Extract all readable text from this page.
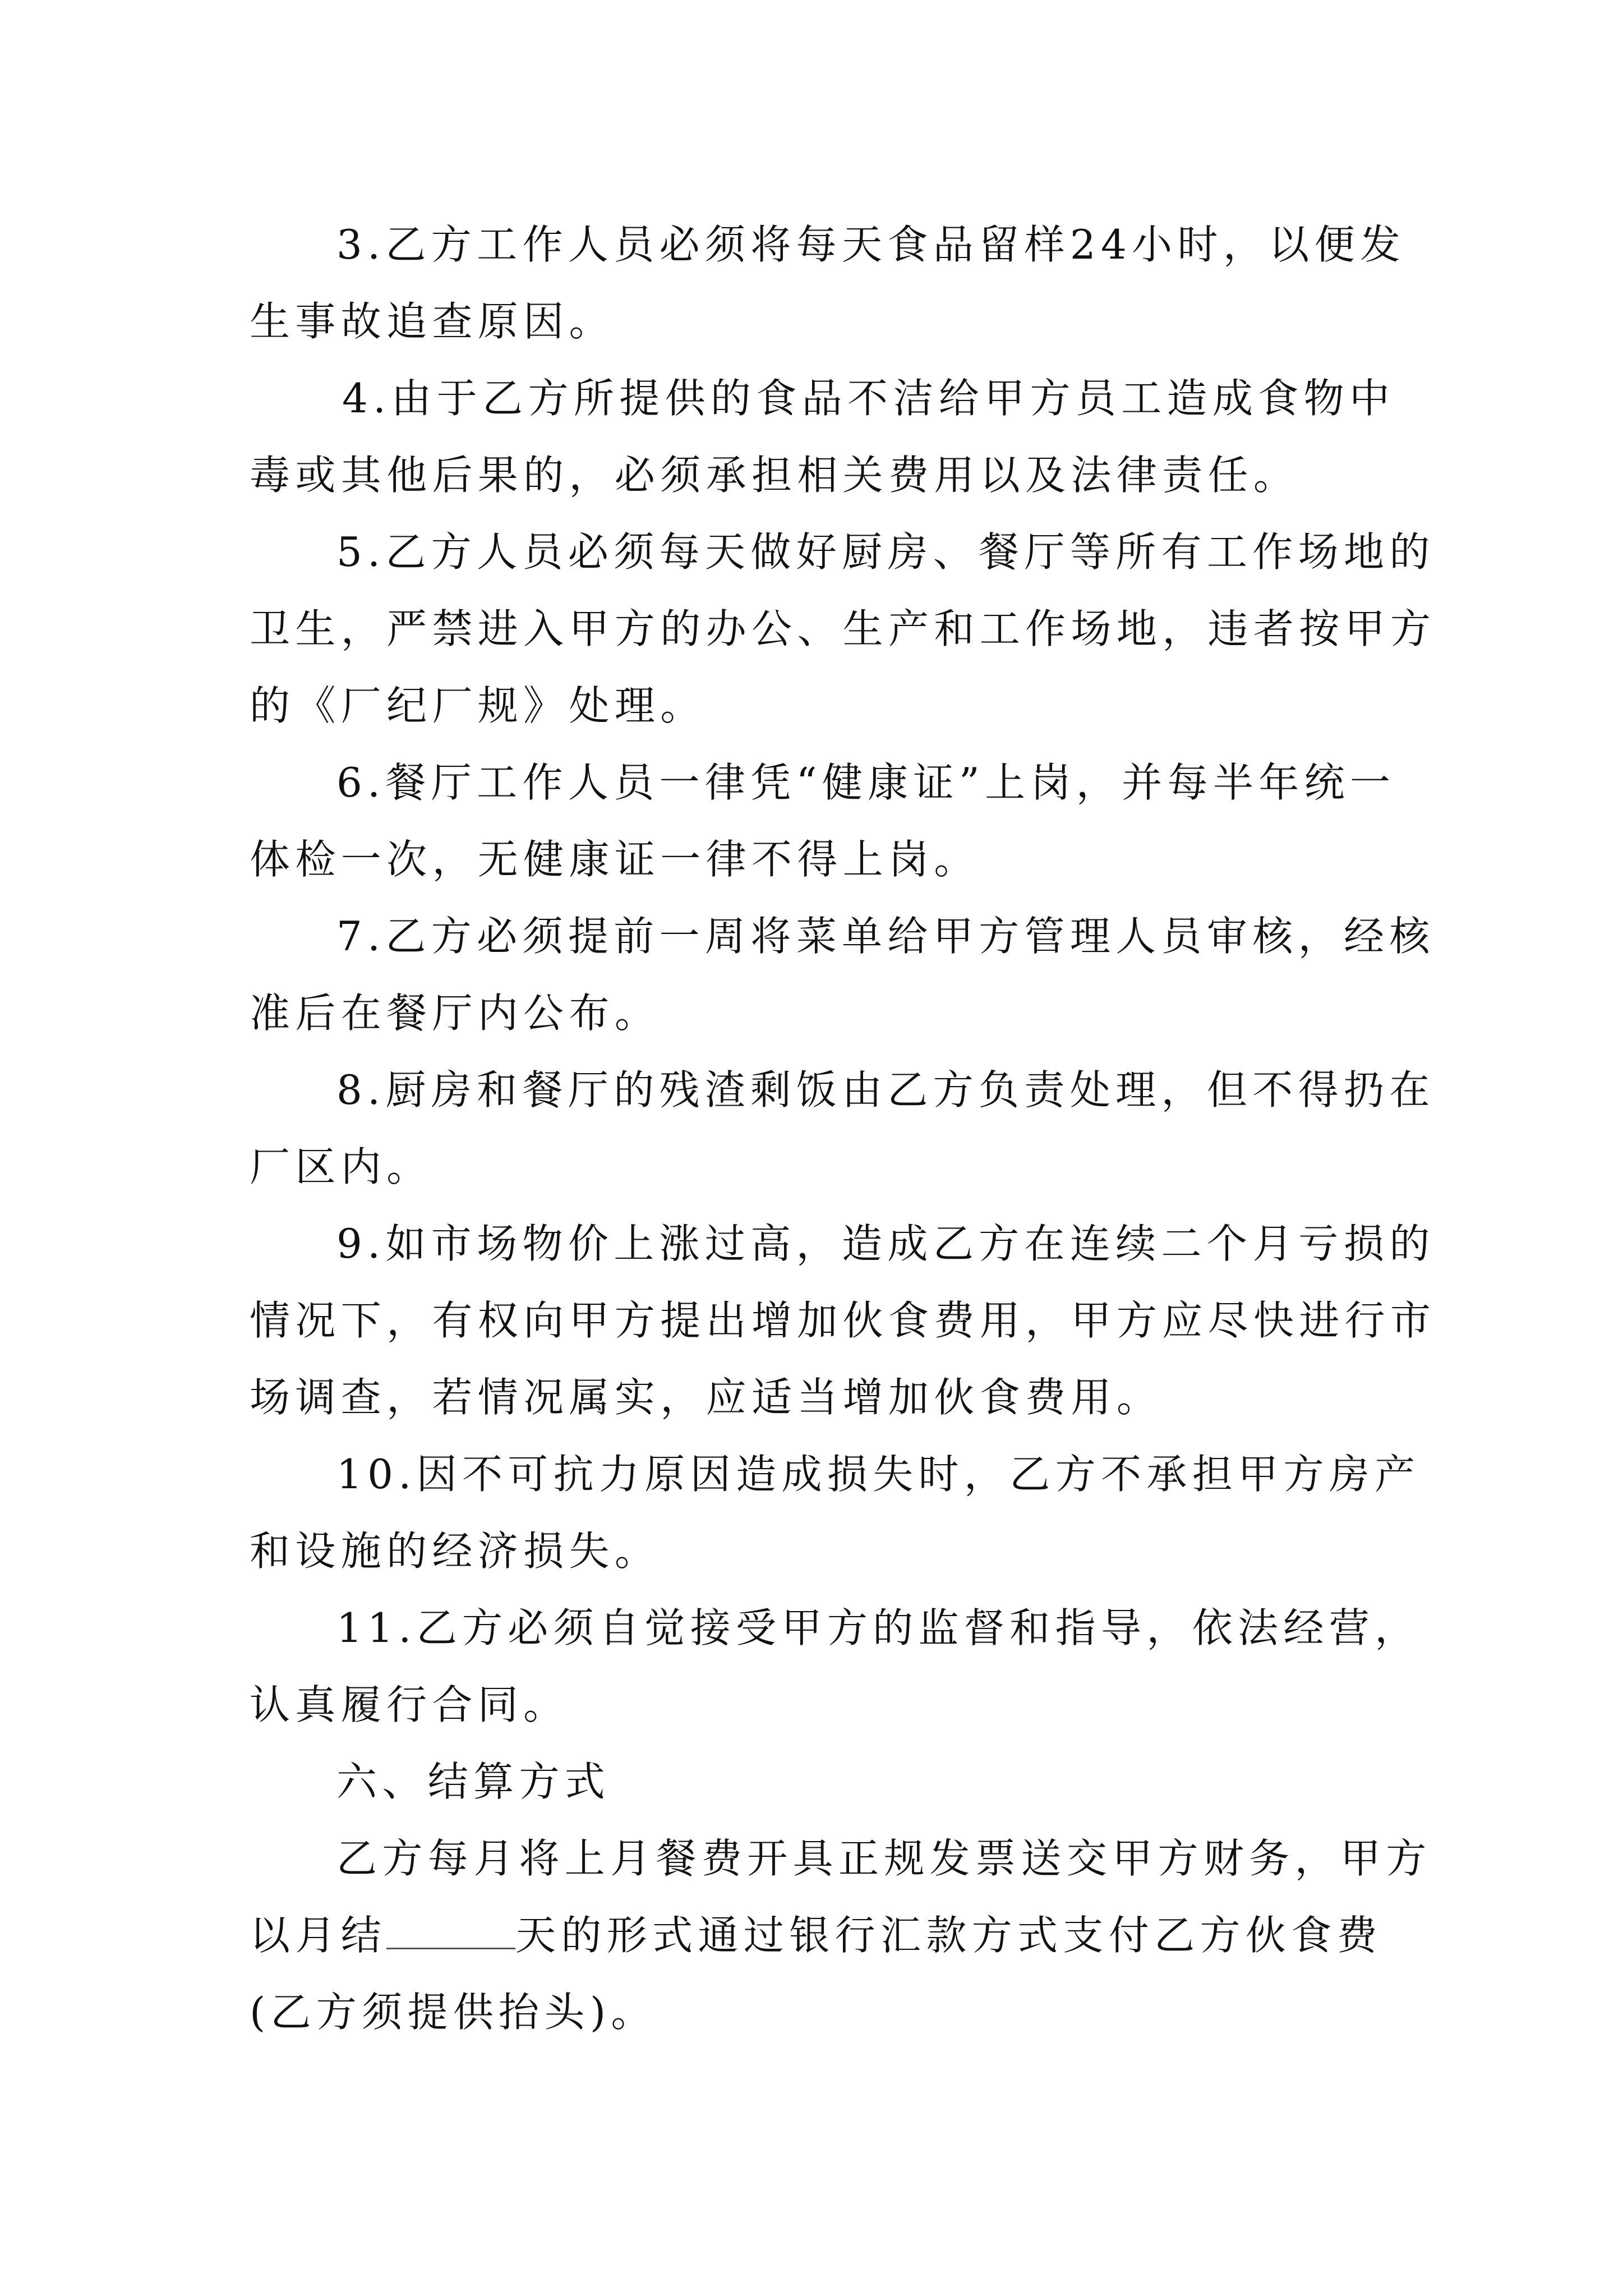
3.乙方工作人员必须将每天食品留样24小时，以便发
生事故追查原因。
4.由于乙方所提供的食品不洁给甲方员工造成食物中
毒或其他后果的，必须承担相关费用以及法律责任。
5.乙方人员必须每天做好厨房、餐厅等所有工作场地的
卫生，严禁进入甲方的办公、生产和工作场地，违者按甲方
的《厂纪厂规》处理。
6.餐厅工作人员一律凭“健康证”上岗，并每半年统一
体检一次，无健康证一律不得上岗。
7.乙方必须提前一周将菜单给甲方管理人员审核，经核
准后在餐厅内公布。
8.厨房和餐厅的残渣剩饭由乙方负责处理，但不得扔在
厂区内。
9.如市场物价上涨过高，造成乙方在连续二个月亏损的
情况下，有权向甲方提出增加伙食费用，甲方应尽快进行市
场调查，若情况属实，应适当增加伙食费用。
10.因不可抗力原因造成损失时，乙方不承担甲方房产
和设施的经济损失。
11.乙方必须自觉接受甲方的监督和指导，依法经营，
认真履行合同。
六、结算方式
乙方每月将上月餐费开具正规发票送交甲方财务，甲方
以月结	天的形式通过银行汇款方式支付乙方伙食费
(乙方须提供抬头)。
